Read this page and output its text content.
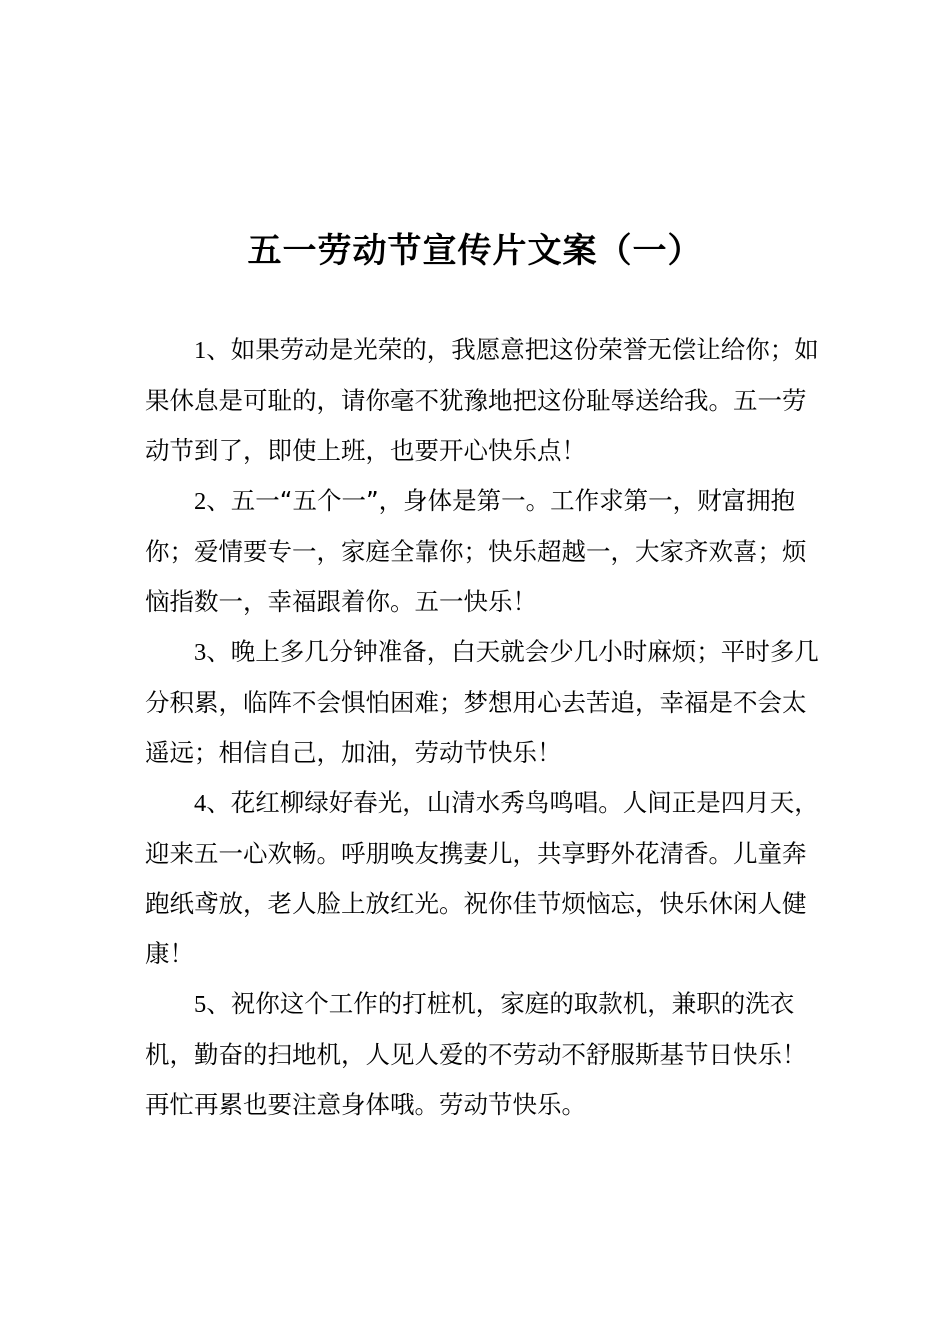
五一劳动节宣传片文案（一）

1、如果劳动是光荣的，我愿意把这份荣誉无偿让给你；如果休息是可耻的，请你毫不犹豫地把这份耻辱送给我。五一劳动节到了，即使上班，也要开心快乐点！

2、五一“五个一”，身体是第一。工作求第一，财富拥抱你；爱情要专一，家庭全靠你；快乐超越一，大家齐欢喜；烦恼指数一，幸福跟着你。五一快乐！

3、晚上多几分钟准备，白天就会少几小时麻烦；平时多几分积累，临阵不会惧怕困难；梦想用心去苦追，幸福是不会太遥远；相信自己，加油，劳动节快乐！

4、花红柳绿好春光，山清水秀鸟鸣唱。人间正是四月天，迎来五一心欢畅。呼朋唤友携妻儿，共享野外花清香。儿童奔跑纸鸢放，老人脸上放红光。祝你佳节烦恼忘，快乐休闲人健康！

5、祝你这个工作的打桩机，家庭的取款机，兼职的洗衣机，勤奋的扫地机，人见人爱的不劳动不舒服斯基节日快乐！再忙再累也要注意身体哦。劳动节快乐。
